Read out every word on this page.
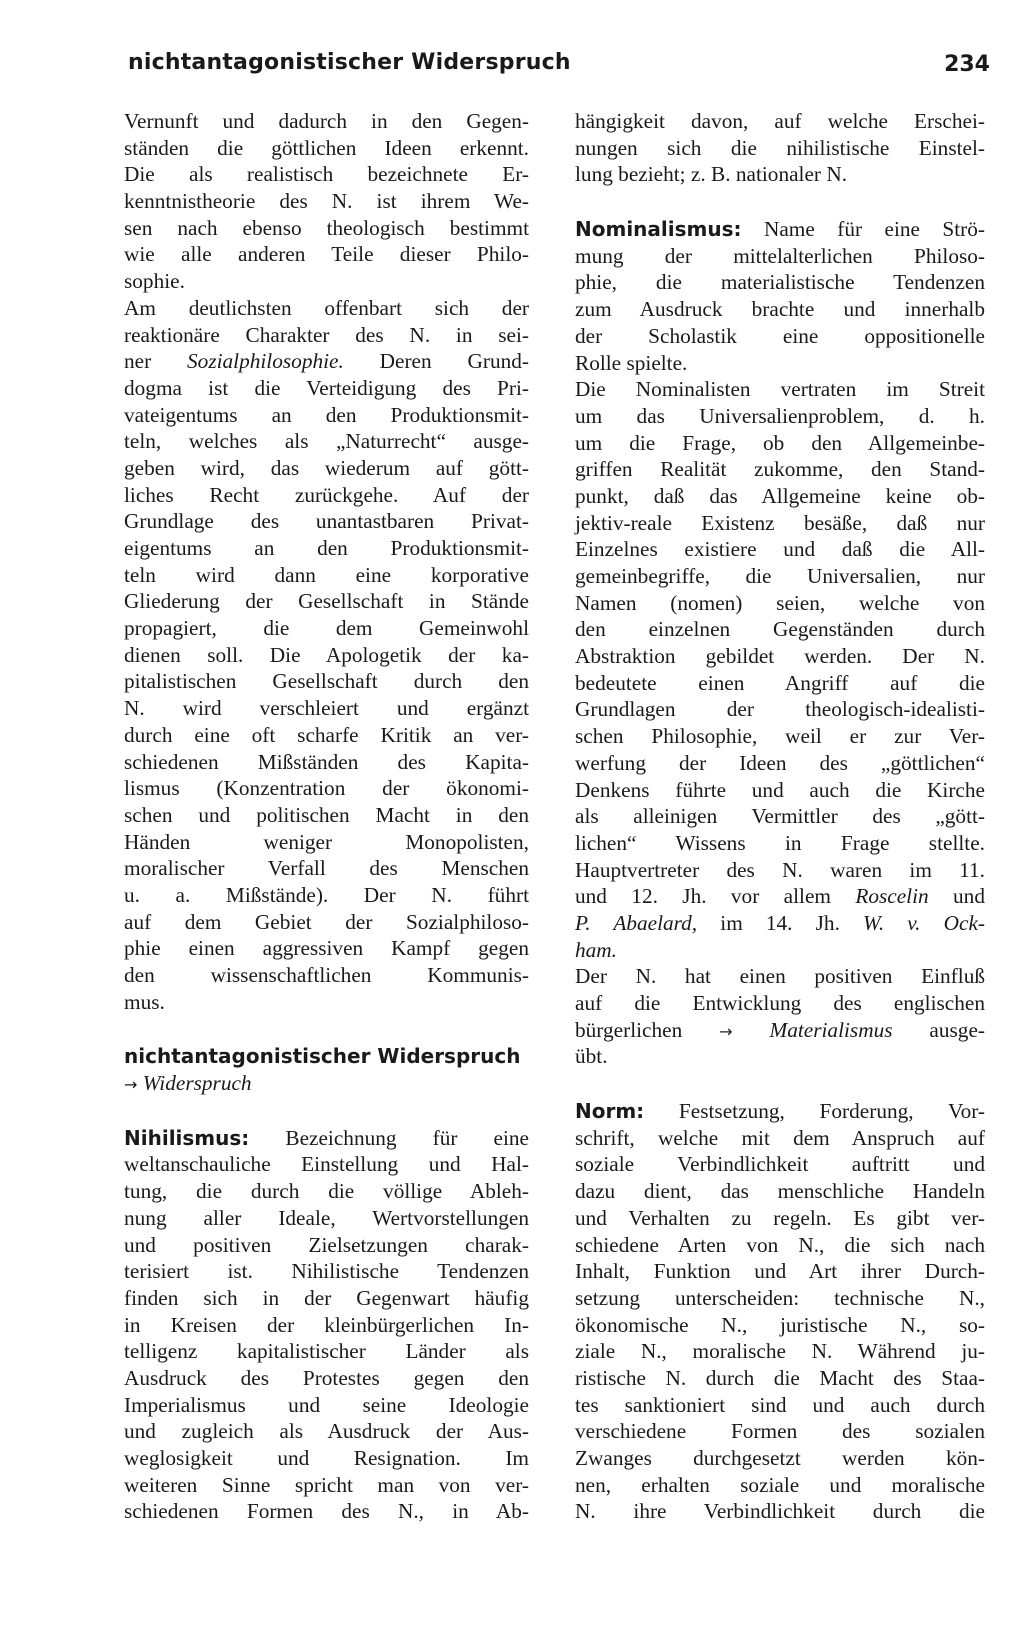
nichtantagonistischer Widerspruch	234
Vernunft und dadurch in den Gegen-
ständen die göttlichen Ideen erkennt.
Die als realistisch bezeichnete Er-
kenntnistheorie des N. ist ihrem We-
sen nach ebenso theologisch bestimmt
wie alle anderen Teile dieser Philo-
sophie.
Am deutlichsten offenbart sich der
reaktionäre Charakter des N. in sei-
ner Sozialphilosophie. Deren Grund-
dogma ist die Verteidigung des Pri-
vateigentums an den Produktionsmit-
teln, welches als „Naturrecht“ ausge-
geben wird, das wiederum auf gött-
liches Recht zurückgehe. Auf der
Grundlage des unantastbaren Privat-
eigentums an den Produktionsmit-
teln wird dann eine korporative
Gliederung der Gesellschaft in Stände
propagiert, die dem Gemeinwohl
dienen soll. Die Apologetik der ka-
pitalistischen Gesellschaft durch den
N. wird verschleiert und ergänzt
durch eine oft scharfe Kritik an ver-
schiedenen Mißständen des Kapita-
lismus (Konzentration der ökonomi-
schen und politischen Macht in den
Händen weniger Monopolisten,
moralischer Verfall des Menschen
u. a. Mißstände). Der N. führt
auf dem Gebiet der Sozialphiloso-
phie einen aggressiven Kampf gegen
den wissenschaftlichen Kommunis-
mus.
nichtantagonistischer Widerspruch
→ Widerspruch
Nihilismus: Bezeichnung für eine
weltanschauliche Einstellung und Hal-
tung, die durch die völlige Ableh-
nung aller Ideale, Wertvorstellungen
und positiven Zielsetzungen charak-
terisiert ist. Nihilistische Tendenzen
finden sich in der Gegenwart häufig
in Kreisen der kleinbürgerlichen In-
telligenz kapitalistischer Länder als
Ausdruck des Protestes gegen den
Imperialismus und seine Ideologie
und zugleich als Ausdruck der Aus-
weglosigkeit und Resignation. Im
weiteren Sinne spricht man von ver-
schiedenen Formen des N., in Ab-
hängigkeit davon, auf welche Erschei-
nungen sich die nihilistische Einstel-
lung bezieht; z. B. nationaler N.
Nominalismus: Name für eine Strö-
mung der mittelalterlichen Philoso-
phie, die materialistische Tendenzen
zum Ausdruck brachte und innerhalb
der Scholastik eine oppositionelle
Rolle spielte.
Die Nominalisten vertraten im Streit
um das Universalienproblem, d. h.
um die Frage, ob den Allgemeinbe-
griffen Realität zukomme, den Stand-
punkt, daß das Allgemeine keine ob-
jektiv-reale Existenz besäße, daß nur
Einzelnes existiere und daß die All-
gemeinbegriffe, die Universalien, nur
Namen (nomen) seien, welche von
den einzelnen Gegenständen durch
Abstraktion gebildet werden. Der N.
bedeutete einen Angriff auf die
Grundlagen der theologisch-idealisti-
schen Philosophie, weil er zur Ver-
werfung der Ideen des „göttlichen“
Denkens führte und auch die Kirche
als alleinigen Vermittler des „gött-
lichen“ Wissens in Frage stellte.
Hauptvertreter des N. waren im 11.
und 12. Jh. vor allem Roscelin und
P. Abaelard, im 14. Jh. W. v. Ock-
ham.
Der N. hat einen positiven Einfluß
auf die Entwicklung des englischen
bürgerlichen → Materialismus ausge-
übt.
Norm: Festsetzung, Forderung, Vor-
schrift, welche mit dem Anspruch auf
soziale Verbindlichkeit auftritt und
dazu dient, das menschliche Handeln
und Verhalten zu regeln. Es gibt ver-
schiedene Arten von N., die sich nach
Inhalt, Funktion und Art ihrer Durch-
setzung unterscheiden: technische N.,
ökonomische N., juristische N., so-
ziale N., moralische N. Während ju-
ristische N. durch die Macht des Staa-
tes sanktioniert sind und auch durch
verschiedene Formen des sozialen
Zwanges durchgesetzt werden kön-
nen, erhalten soziale und moralische
N. ihre Verbindlichkeit durch die
